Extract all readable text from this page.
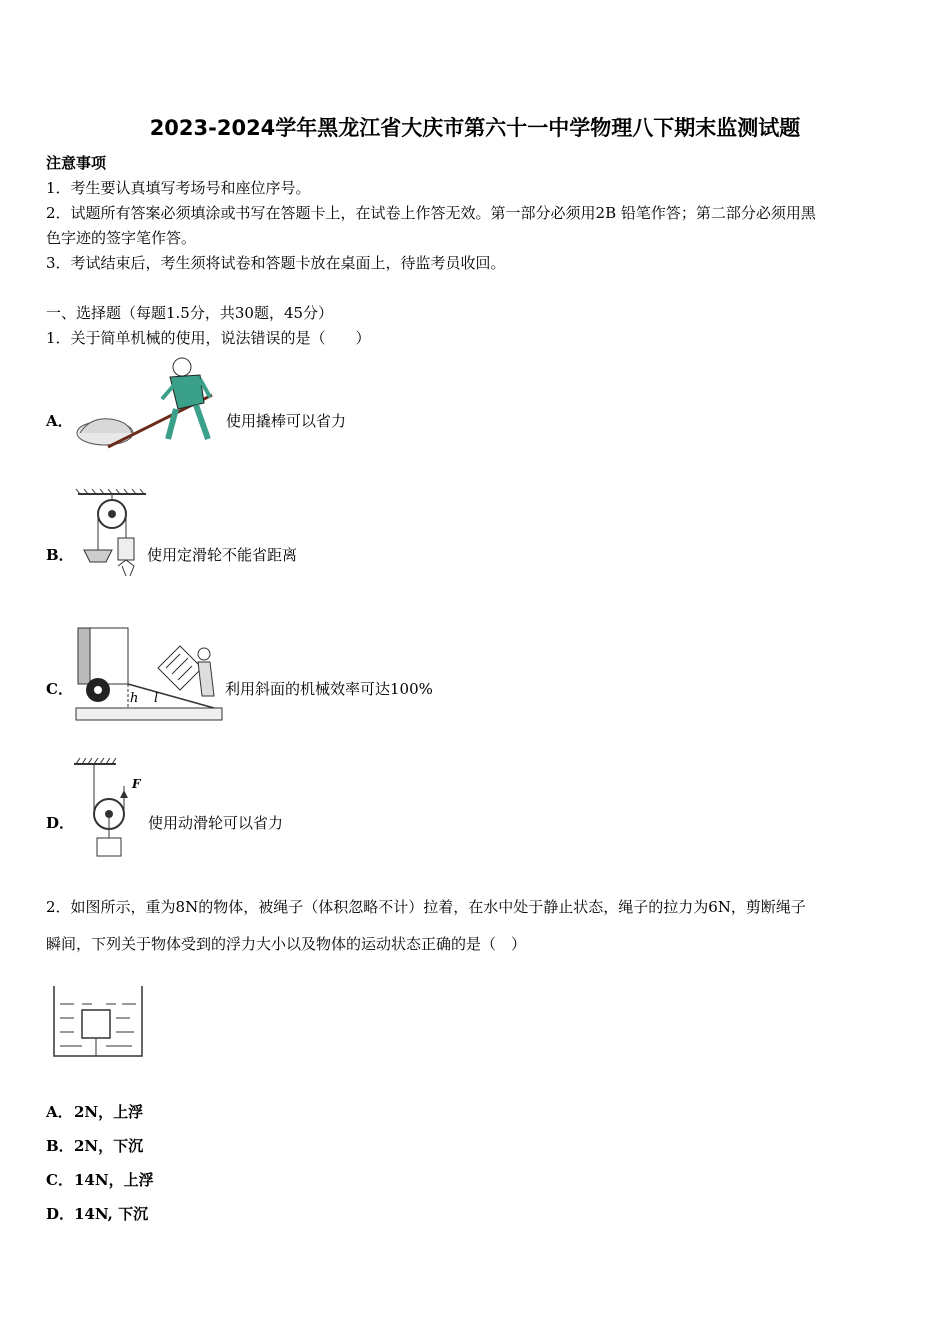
2023-2024学年黑龙江省大庆市第六十一中学物理八下期末监测试题
注意事项
1．考生要认真填写考场号和座位序号。
2．试题所有答案必须填涂或书写在答题卡上，在试卷上作答无效。第一部分必须用2B 铅笔作答；第二部分必须用黑
色字迹的签字笔作答。
3．考试结束后，考生须将试卷和答题卡放在桌面上，待监考员收回。
一、选择题（每题1.5分，共30题，45分）
1．关于简单机械的使用，说法错误的是（　　）
A．	使用撬棒可以省力
B．	使用定滑轮不能省距离
C．
h l
利用斜面的机械效率可达100%
D．
F
使用动滑轮可以省力
2．如图所示，重为8N的物体，被绳子（体积忽略不计）拉着，在水中处于静止状态，绳子的拉力为6N，剪断绳子
瞬间，下列关于物体受到的浮力大小以及物体的运动状态正确的是（　）
A． 2N，上浮
B． 2N，下沉
C． 14N，上浮
D． 14N, 下沉
